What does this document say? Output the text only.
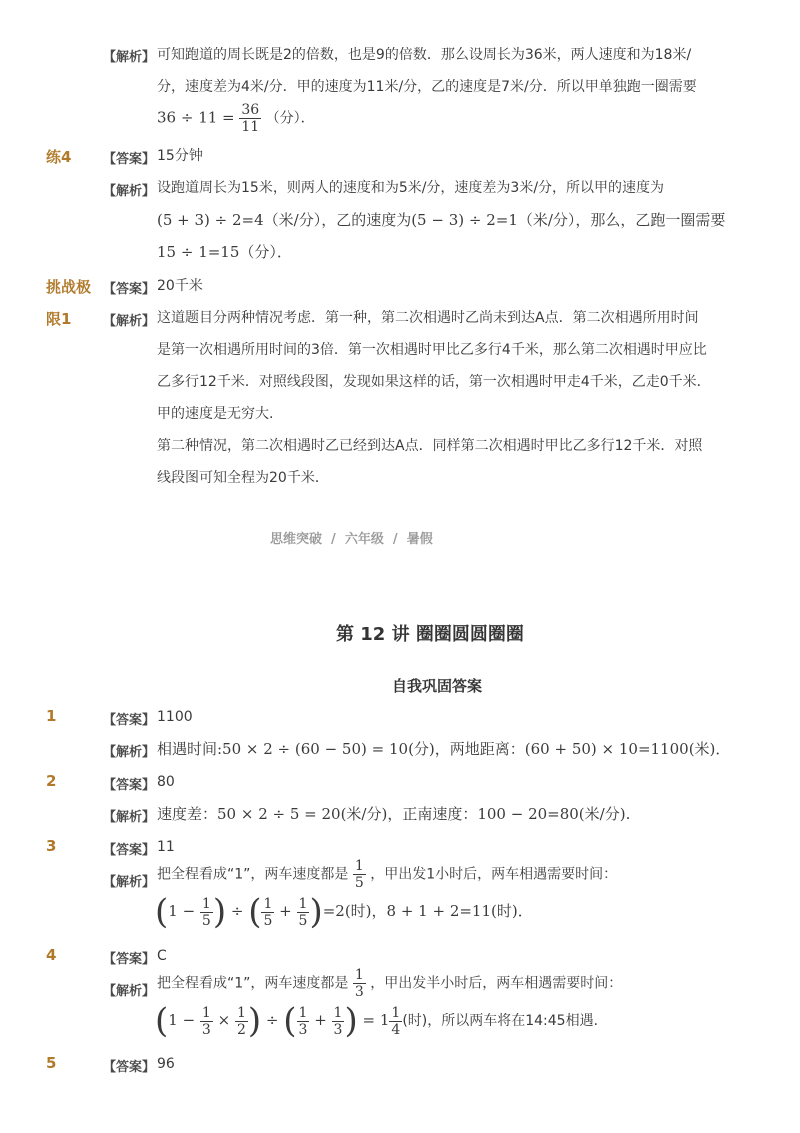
【解析】 可知跑道的周长既是2的倍数，也是9的倍数．那么设周长为36米，两人速度和为18米/
分，速度差为4米/分．甲的速度为11米/分，乙的速度是7米/分．所以甲单独跑一圈需要
$36 \div 11 = \frac{36}{11}$ （分）．
练4 【答案】 15分钟
【解析】 设跑道周长为15米，则两人的速度和为5米/分，速度差为3米/分，所以甲的速度为
(5 + 3) ÷ 2=4（米/分），乙的速度为(5 − 3) ÷ 2=1（米/分），那么，乙跑一圈需要
15 ÷ 1=15（分）．
挑战极
限1
【答案】 20千米
【解析】 这道题目分两种情况考虑．第一种，第二次相遇时乙尚未到达A点．第二次相遇所用时间
是第一次相遇所用时间的3倍．第一次相遇时甲比乙多行4千米，那么第二次相遇时甲应比
乙多行12千米．对照线段图，发现如果这样的话，第一次相遇时甲走4千米，乙走0千米．
甲的速度是无穷大.
第二种情况，第二次相遇时乙已经到达A点．同样第二次相遇时甲比乙多行12千米．对照
线段图可知全程为20千米．
思维突破  /  六年级  /  暑假
第 12 讲 圈圈圆圆圈圈
自我巩固答案
1	【答案】 1100
【解析】 相遇时间:50 × 2 ÷ (60 − 50) = 10(分)，两地距离：(60 + 50) × 10=1100(米)．
2	【答案】 80
【解析】 速度差：50 × 2 ÷ 5 = 20(米/分)，正南速度：100 − 20=80(米/分).
3	【答案】 11
【解析】 把全程看成“1”，两车速度都是 $\frac{1}{5}$ ，甲出发1小时后，两车相遇需要时间：
($1 - \frac{1}{5}$ ) ÷ ( $\frac{1}{5} + \frac{1}{5} )=2$(时)，8 + 1 + 2=11(时)．
4	【答案】 C
【解析】 把全程看成“1”，两车速度都是 $\frac{1}{3}$ ，甲出发半小时后，两车相遇需要时间：
($1 - \frac{1}{3} \times \frac{1}{2}$ ) ÷ ( $\frac{1}{3} + \frac{1}{3}$ ) = $1 \frac{1}{4}$ (时)，所以两车将在14:45相遇．
5	【答案】 96
